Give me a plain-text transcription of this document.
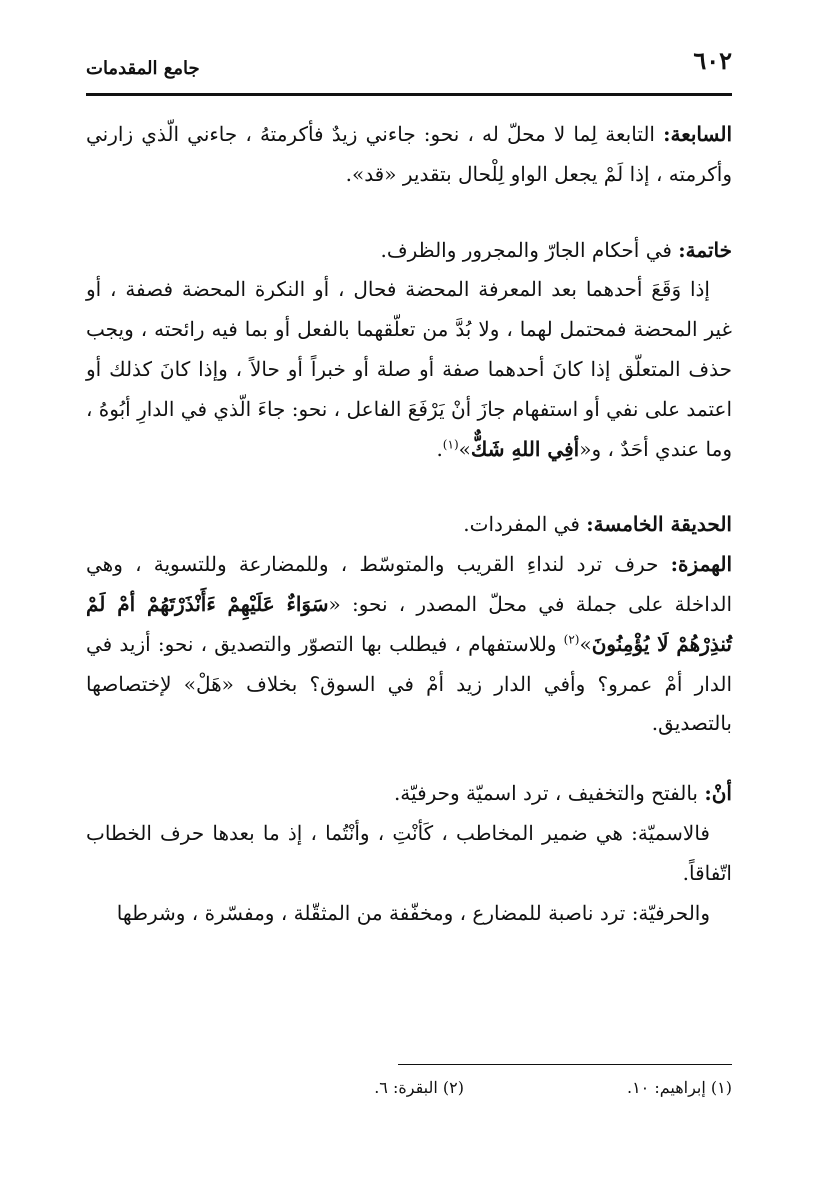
٦٠٢
جامع المقدمات

السابعة: التابعة لِما لا محلّ له ، نحو: جاءني زيدٌ فأكرمتهُ ، جاءني الّذي زارني وأكرمته ، إذا لَمْ يجعل الواو لِلْحال بتقدير «قد».

خاتمة: في أحكام الجارّ والمجرور والظرف.

إذا وَقَعَ أحدهما بعد المعرفة المحضة فحال ، أو النكرة المحضة فصفة ، أو غير المحضة فمحتمل لهما ، ولا بُدَّ من تعلّقهما بالفعل أو بما فيه رائحته ، ويجب حذف المتعلّق إذا كانَ أحدهما صفة أو صلة أو خبراً أو حالاً ، وإذا كانَ كذلك أو اعتمد على نفي أو استفهام جازَ أنْ يَرْفَعَ الفاعل ، نحو: جاءَ الّذي في الدارِ أبُوهُ ، وما عندي أحَدٌ ، و«أفِي اللهِ شَكٌّ»$^{(١)}$.

الحديقة الخامسة: في المفردات.

الهمزة: حرف ترد لنداءِ القريب والمتوسّط ، وللمضارعة وللتسوية ، وهي الداخلة على جملة في محلّ المصدر ، نحو: «سَوَاءٌ عَلَيْهِمْ ءَأَنْذَرْتَهُمْ أمْ لَمْ تُنذِرْهُمْ لَا يُؤْمِنُونَ»$^{(٢)}$ وللاستفهام ، فيطلب بها التصوّر والتصديق ، نحو: أزيد في الدار أمْ عمرو؟ وأفي الدار زيد أمْ في السوق؟ بخلاف «هَلْ» لإختصاصها بالتصديق.

أنْ: بالفتح والتخفيف ، ترد اسميّة وحرفيّة.

فالاسميّة: هي ضمير المخاطب ، كَأنْتِ ، وأنْتُما ، إذ ما بعدها حرف الخطاب اتّفاقاً.

والحرفيّة: ترد ناصبة للمضارع ، ومخفّفة من المثقّلة ، ومفسّرة ، وشرطها

(١) إبراهيم: ١٠.
(٢) البقرة: ٦.
